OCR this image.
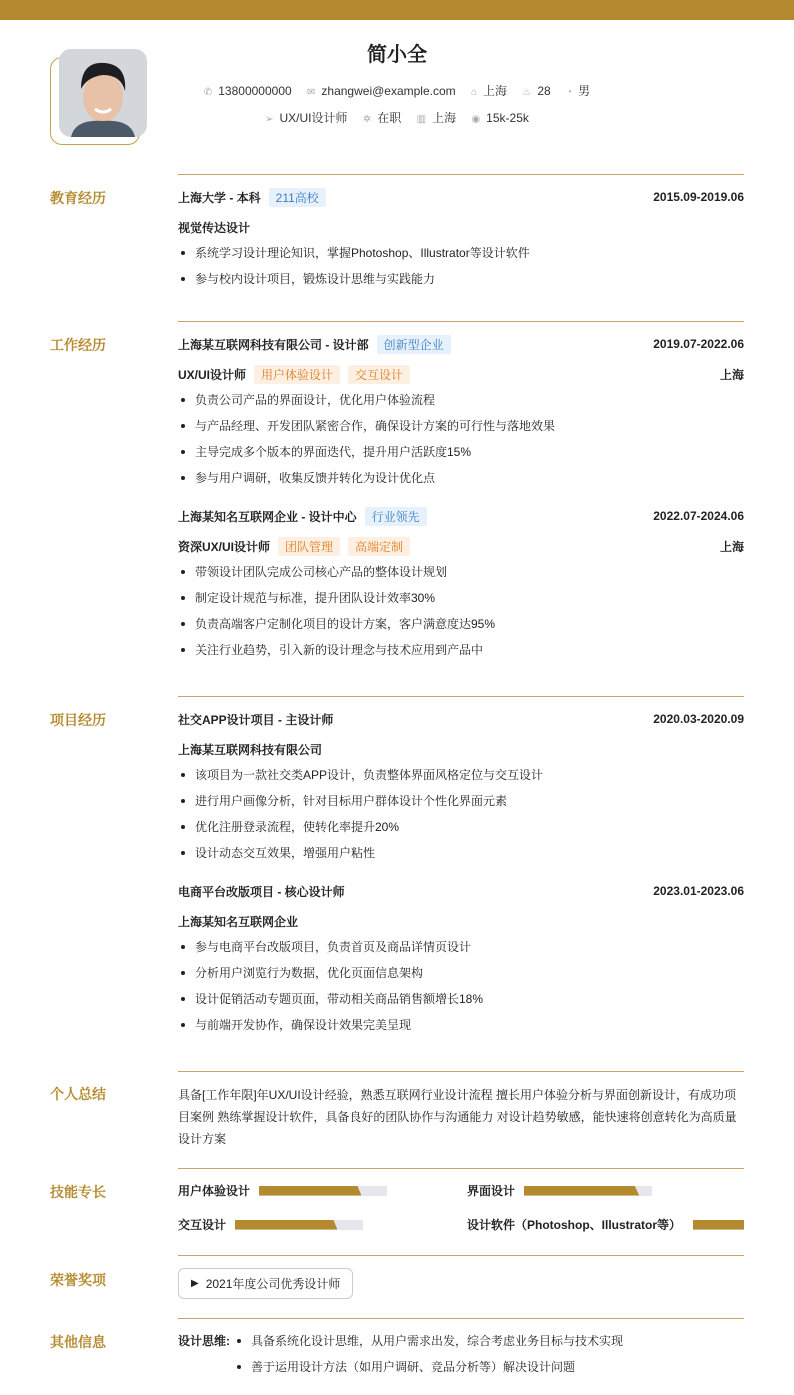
简小全
✆ 13800000000 ✉ zhangwei@example.com ⌂ 上海 ♨ 28 ◔ 男
➢ UX/UI设计师 ✲ 在职 ▥ 上海 ◉ 15k-25k
教育经历	上海大学 - 本科	211高校	2015.09-2019.06
视觉传达设计
系统学习设计理论知识，掌握Photoshop、Illustrator等设计软件
参与校内设计项目，锻炼设计思维与实践能力
工作经历	上海某互联网科技有限公司 - 设计部	创新型企业	2019.07-2022.06
UX/UI设计师	用户体验设计	交互设计	上海
负责公司产品的界面设计，优化用户体验流程
与产品经理、开发团队紧密合作，确保设计方案的可行性与落地效果
主导完成多个版本的界面迭代，提升用户活跃度15%
参与用户调研，收集反馈并转化为设计优化点
上海某知名互联网企业 - 设计中心	行业领先	2022.07-2024.06
资深UX/UI设计师	团队管理	高端定制	上海
带领设计团队完成公司核心产品的整体设计规划
制定设计规范与标准，提升团队设计效率30%
负责高端客户定制化项目的设计方案，客户满意度达95%
关注行业趋势，引入新的设计理念与技术应用到产品中
项目经历	社交APP设计项目 - 主设计师	2020.03-2020.09
上海某互联网科技有限公司
该项目为一款社交类APP设计，负责整体界面风格定位与交互设计
进行用户画像分析，针对目标用户群体设计个性化界面元素
优化注册登录流程，使转化率提升20%
设计动态交互效果，增强用户粘性
电商平台改版项目 - 核心设计师	2023.01-2023.06
上海某知名互联网企业
参与电商平台改版项目，负责首页及商品详情页设计
分析用户浏览行为数据，优化页面信息架构
设计促销活动专题页面，带动相关商品销售额增长18%
与前端开发协作，确保设计效果完美呈现
个人总结	具备[工作年限]年UX/UI设计经验，熟悉互联网行业设计流程 擅长用户体验分析与界面创新设计，有成功项目案例 熟练掌握设计软件，具备良好的团队协作与沟通能力 对设计趋势敏感，能快速将创意转化为高质量设计方案
技能专长	用户体验设计	界面设计
交互设计	设计软件（Photoshop、Illustrator等）
荣誉奖项	▶ 2021年度公司优秀设计师
其他信息	设计思维:	具备系统化设计思维，从用户需求出发，综合考虑业务目标与技术实现
善于运用设计方法（如用户调研、竞品分析等）解决设计问题
